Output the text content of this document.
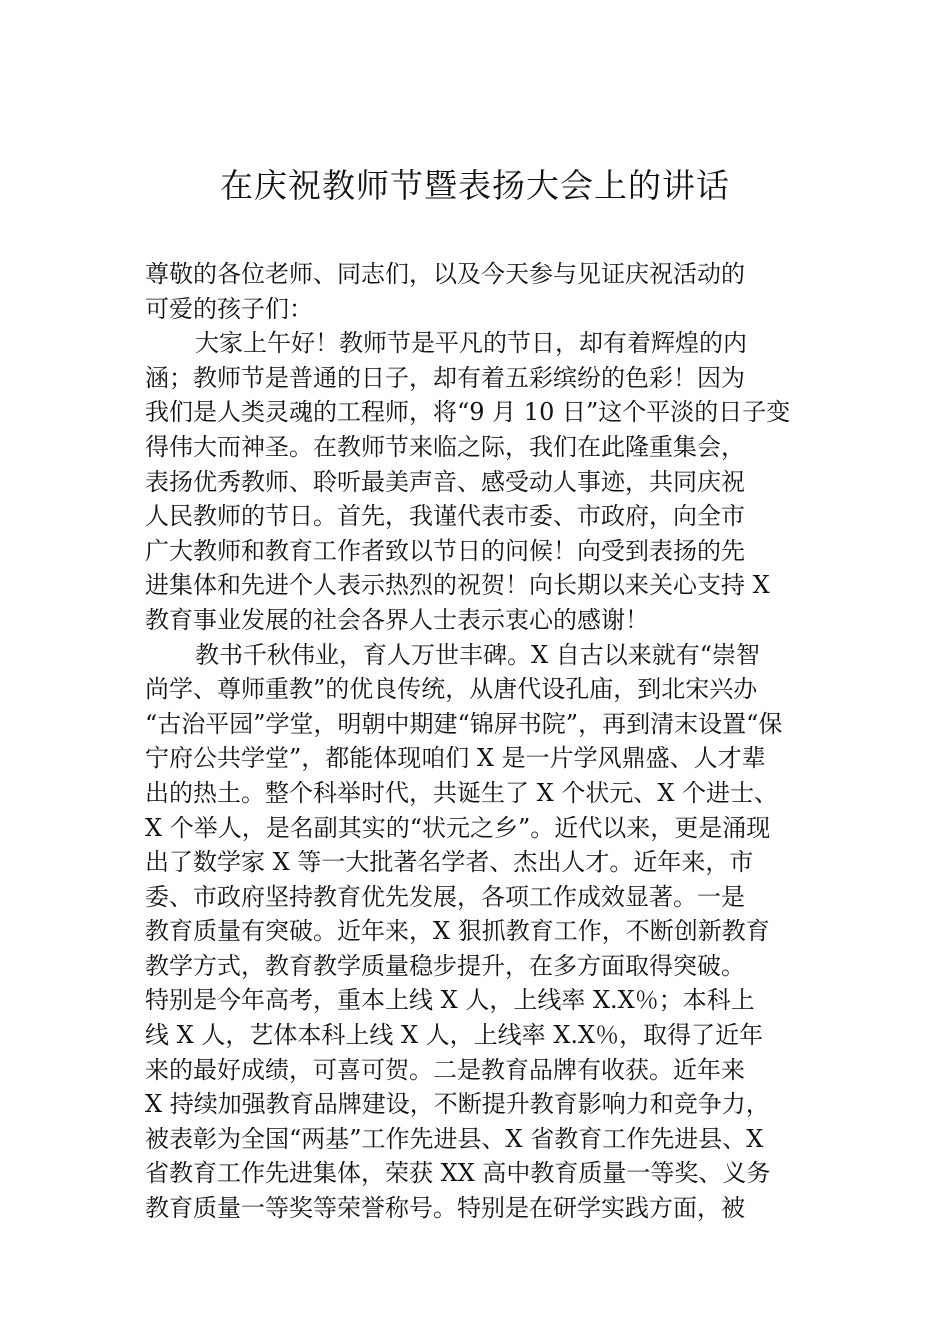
在庆祝教师节暨表扬大会上的讲话
尊敬的各位老师、同志们，以及今天参与见证庆祝活动的
可爱的孩子们：
大家上午好！教师节是平凡的节日，却有着辉煌的内
涵；教师节是普通的日子，却有着五彩缤纷的色彩！因为
我们是人类灵魂的工程师，将“9 月 10 日”这个平淡的日子变
得伟大而神圣。在教师节来临之际，我们在此隆重集会，
表扬优秀教师、聆听最美声音、感受动人事迹，共同庆祝
人民教师的节日。首先，我谨代表市委、市政府，向全市
广大教师和教育工作者致以节日的问候！向受到表扬的先
进集体和先进个人表示热烈的祝贺！向长期以来关心支持 X
教育事业发展的社会各界人士表示衷心的感谢！
教书千秋伟业，育人万世丰碑。X 自古以来就有“崇智
尚学、尊师重教”的优良传统，从唐代设孔庙，到北宋兴办
“古治平园”学堂，明朝中期建“锦屏书院”，再到清末设置“保
宁府公共学堂”，都能体现咱们 X 是一片学风鼎盛、人才辈
出的热土。整个科举时代，共诞生了 X 个状元、X 个进士、
X 个举人，是名副其实的“状元之乡”。近代以来，更是涌现
出了数学家 X 等一大批著名学者、杰出人才。近年来，市
委、市政府坚持教育优先发展，各项工作成效显著。一是
教育质量有突破。近年来，X 狠抓教育工作，不断创新教育
教学方式，教育教学质量稳步提升，在多方面取得突破。
特别是今年高考，重本上线 X 人，上线率 X.X％；本科上
线 X 人，艺体本科上线 X 人，上线率 X.X％，取得了近年
来的最好成绩，可喜可贺。二是教育品牌有收获。近年来
X 持续加强教育品牌建设，不断提升教育影响力和竞争力，
被表彰为全国“两基”工作先进县、X 省教育工作先进县、X
省教育工作先进集体，荣获 XX 高中教育质量一等奖、义务
教育质量一等奖等荣誉称号。特别是在研学实践方面，被
